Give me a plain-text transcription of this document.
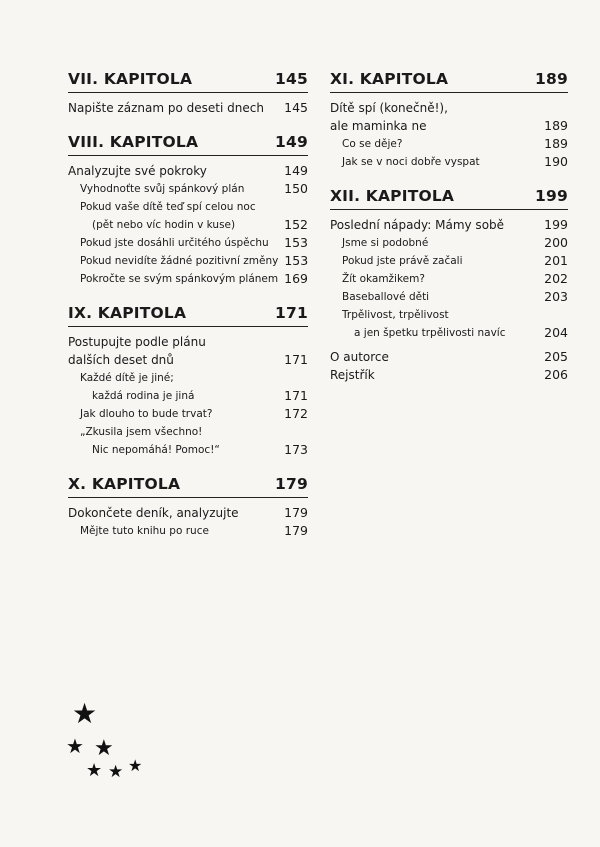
VII. KAPITOLA	145
Napište záznam po deseti dnech	145
VIII. KAPITOLA	149
Analyzujte své pokroky	149
Vyhodnoťte svůj spánkový plán	150
Pokud vaše dítě teď spí celou noc
(pět nebo víc hodin v kuse)	152
Pokud jste dosáhli určitého úspěchu	153
Pokud nevidíte žádné pozitivní změny 153
Pokročte se svým spánkovým plánem 169
IX. KAPITOLA	171
Postupujte podle plánu
dalších deset dnů	171
Každé dítě je jiné;
každá rodina je jiná	171
Jak dlouho to bude trvat?	172
„Zkusila jsem všechno!
Nic nepomáhá! Pomoc!“	173
X. KAPITOLA	179
Dokončete deník, analyzujte	179
Mějte tuto knihu po ruce	179
XI. KAPITOLA	189
Dítě spí (konečně!),
ale maminka ne	189
Co se děje?	189
Jak se v noci dobře vyspat	190
XII. KAPITOLA	199
Poslední nápady: Mámy sobě	199
Jsme si podobné	200
Pokud jste právě začali	201
Žít okamžikem?	202
Baseballové děti	203
Trpělivost, trpělivost
a jen špetku trpělivosti navíc	204
O autorce	205
Rejstřík	206
★
★ ★
★ ★ ★
